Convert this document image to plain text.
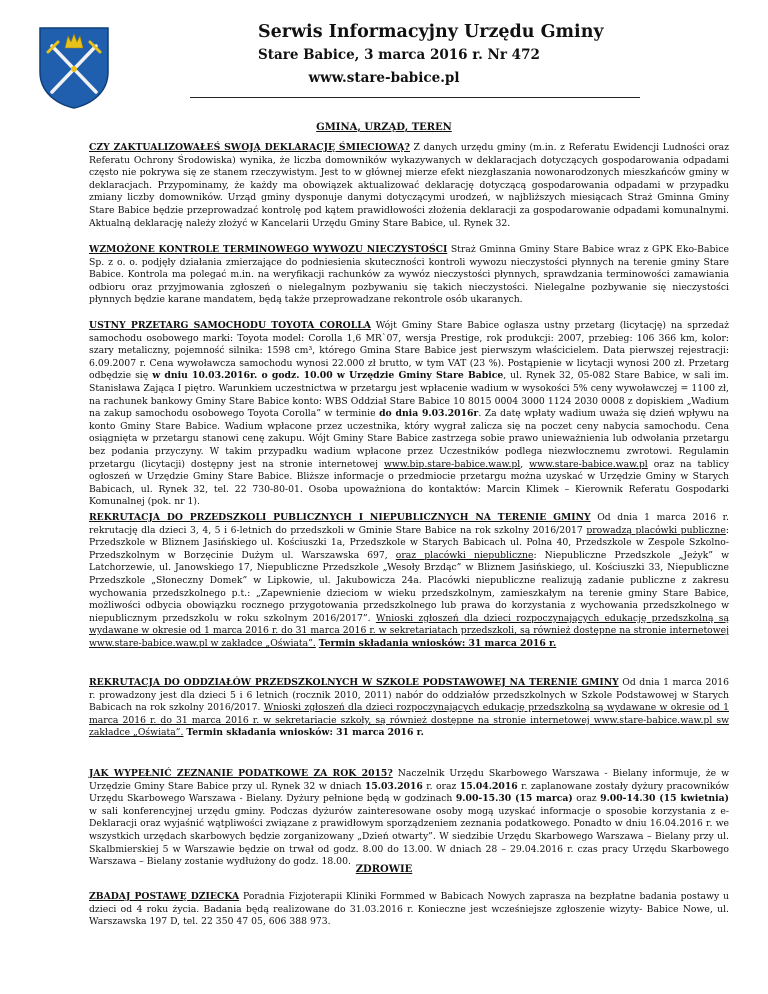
Serwis Informacyjny Urzędu Gminy
Stare Babice, 3 marca 2016 r. Nr 472
www.stare-babice.pl

GMINA, URZĄD, TEREN

CZY ZAKTUALIZOWAŁEŚ SWOJĄ DEKLARACJĘ ŚMIECIOWĄ? Z danych urzędu gminy (m.in. z Referatu Ewidencji Ludności oraz Referatu Ochrony Środowiska) wynika, że liczba domowników wykazywanych w deklaracjach dotyczących gospodarowania odpadami często nie pokrywa się ze stanem rzeczywistym. Jest to w głównej mierze efekt niezgłaszania nowonarodzonych mieszkańców gminy w deklaracjach. Przypominamy, że każdy ma obowiązek aktualizować deklarację dotyczącą gospodarowania odpadami w przypadku zmiany liczby domowników. Urząd gminy dysponuje danymi dotyczącymi urodzeń, w najbliższych miesiącach Straż Gminna Gminy Stare Babice będzie przeprowadzać kontrolę pod kątem prawidłowości złożenia deklaracji za gospodarowanie odpadami komunalnymi. Aktualną deklarację należy złożyć w Kancelarii Urzędu Gminy Stare Babice, ul. Rynek 32.

WZMOŻONE KONTROLE TERMINOWEGO WYWOZU NIECZYSTOŚCI Straż Gminna Gminy Stare Babice wraz z GPK Eko-Babice Sp. z o. o. podjęły działania zmierzające do podniesienia skuteczności kontroli wywozu nieczystości płynnych na terenie gminy Stare Babice. Kontrola ma polegać m.in. na weryfikacji rachunków za wywóz nieczystości płynnych, sprawdzania terminowości zamawiania odbioru oraz przyjmowania zgłoszeń o nielegalnym pozbywaniu się takich nieczystości. Nielegalne pozbywanie się nieczystości płynnych będzie karane mandatem, będą także przeprowadzane rekontrole osób ukaranych.

USTNY PRZETARG SAMOCHODU TOYOTA COROLLA Wójt Gminy Stare Babice ogłasza ustny przetarg (licytację) na sprzedaż samochodu osobowego marki: Toyota model: Corolla 1,6 MR`07, wersja Prestige, rok produkcji: 2007, przebieg: 106 366 km, kolor: szary metaliczny, pojemność silnika: 1598 cm³, którego Gmina Stare Babice jest pierwszym właścicielem. Data pierwszej rejestracji: 6.09.2007 r. Cena wywoławcza samochodu wynosi 22.000 zł brutto, w tym VAT (23 %). Postąpienie w licytacji wynosi 200 zł. Przetarg odbędzie się w dniu 10.03.2016r. o godz. 10.00 w Urzędzie Gminy Stare Babice, ul. Rynek 32, 05-082 Stare Babice, w sali im. Stanisława Zająca I piętro. Warunkiem uczestnictwa w przetargu jest wpłacenie wadium w wysokości 5% ceny wywoławczej = 1100 zł, na rachunek bankowy Gminy Stare Babice konto: WBS Oddział Stare Babice 10 8015 0004 3000 1124 2030 0008 z dopiskiem „Wadium na zakup samochodu osobowego Toyota Corolla” w terminie do dnia 9.03.2016r. Za datę wpłaty wadium uważa się dzień wpływu na konto Gminy Stare Babice. Wadium wpłacone przez uczestnika, który wygrał zalicza się na poczet ceny nabycia samochodu. Cena osiągnięta w przetargu stanowi cenę zakupu. Wójt Gminy Stare Babice zastrzega sobie prawo unieważnienia lub odwołania przetargu bez podania przyczyny. W takim przypadku wadium wpłacone przez Uczestników podlega niezwłocznemu zwrotowi. Regulamin przetargu (licytacji) dostępny jest na stronie internetowej www.bip.stare-babice.waw.pl, www.stare-babice.waw.pl oraz na tablicy ogłoszeń w Urzędzie Gminy Stare Babice. Bliższe informacje o przedmiocie przetargu można uzyskać w Urzędzie Gminy w Starych Babicach, ul. Rynek 32, tel. 22 730-80-01. Osoba upoważniona do kontaktów: Marcin Klimek – Kierownik Referatu Gospodarki Komunalnej (pok. nr 1).

REKRUTACJA DO PRZEDSZKOLI PUBLICZNYCH I NIEPUBLICZNYCH NA TERENIE GMINY Od dnia 1 marca 2016 r. rekrutację dla dzieci 3, 4, 5 i 6-letnich do przedszkoli w Gminie Stare Babice na rok szkolny 2016/2017 prowadzą placówki publiczne: Przedszkole w Bliznem Jasińskiego ul. Kościuszki 1a, Przedszkole w Starych Babicach ul. Polna 40, Przedszkole w Zespole Szkolno-Przedszkolnym w Borzęcinie Dużym ul. Warszawska 697, oraz placówki niepubliczne: Niepubliczne Przedszkole „Jeżyk” w Latchorzewie, ul. Janowskiego 17, Niepubliczne Przedszkole „Wesoły Brzdąc” w Bliznem Jasińskiego, ul. Kościuszki 33, Niepubliczne Przedszkole „Słoneczny Domek” w Lipkowie, ul. Jakubowicza 24a. Placówki niepubliczne realizują zadanie publiczne z zakresu wychowania przedszkolnego p.t.: „Zapewnienie dzieciom w wieku przedszkolnym, zamieszkałym na terenie gminy Stare Babice, możliwości odbycia obowiązku rocznego przygotowania przedszkolnego lub prawa do korzystania z wychowania przedszkolnego w niepublicznym przedszkolu w roku szkolnym 2016/2017”. Wnioski zgłoszeń dla dzieci rozpoczynających edukację przedszkolną są wydawane w okresie od 1 marca 2016 r. do 31 marca 2016 r. w sekretariatach przedszkoli, są również dostępne na stronie internetowej www.stare-babice.waw.pl w zakładce „Oświata”. Termin składania wniosków: 31 marca 2016 r.

REKRUTACJA DO ODDZIAŁÓW PRZEDSZKOLNYCH W SZKOLE PODSTAWOWEJ NA TERENIE GMINY Od dnia 1 marca 2016 r. prowadzony jest dla dzieci 5 i 6 letnich (rocznik 2010, 2011) nabór do oddziałów przedszkolnych w Szkole Podstawowej w Starych Babicach na rok szkolny 2016/2017. Wnioski zgłoszeń dla dzieci rozpoczynających edukację przedszkolną są wydawane w okresie od 1 marca 2016 r. do 31 marca 2016 r. w sekretariacie szkoły, są również dostępne na stronie internetowej www.stare-babice.waw.pl sw zakładce „Oświata”. Termin składania wniosków: 31 marca 2016 r.

JAK WYPEŁNIĆ ZEZNANIE PODATKOWE ZA ROK 2015? Naczelnik Urzędu Skarbowego Warszawa - Bielany informuje, że w Urzędzie Gminy Stare Babice przy ul. Rynek 32 w dniach 15.03.2016 r. oraz 15.04.2016 r. zaplanowane zostały dyżury pracowników Urzędu Skarbowego Warszawa - Bielany. Dyżury pełnione będą w godzinach 9.00-15.30 (15 marca) oraz 9.00-14.30 (15 kwietnia) w sali konferencyjnej urzędu gminy. Podczas dyżurów zainteresowane osoby mogą uzyskać informacje o sposobie korzystania z e-Deklaracji oraz wyjaśnić wątpliwości związane z prawidłowym sporządzeniem zeznania podatkowego. Ponadto w dniu 16.04.2016 r. we wszystkich urzędach skarbowych będzie zorganizowany „Dzień otwarty”. W siedzibie Urzędu Skarbowego Warszawa – Bielany przy ul. Skalbmierskiej 5 w Warszawie będzie on trwał od godz. 8.00 do 13.00. W dniach 28 – 29.04.2016 r. czas pracy Urzędu Skarbowego Warszawa – Bielany zostanie wydłużony do godz. 18.00.

ZDROWIE

ZBADAJ POSTAWĘ DZIECKA Poradnia Fizjoterapii Kliniki Formmed w Babicach Nowych zaprasza na bezpłatne badania postawy u dzieci od 4 roku życia. Badania będą realizowane do 31.03.2016 r. Konieczne jest wcześniejsze zgłoszenie wizyty- Babice Nowe, ul. Warszawska 197 D, tel. 22 350 47 05, 606 388 973.
